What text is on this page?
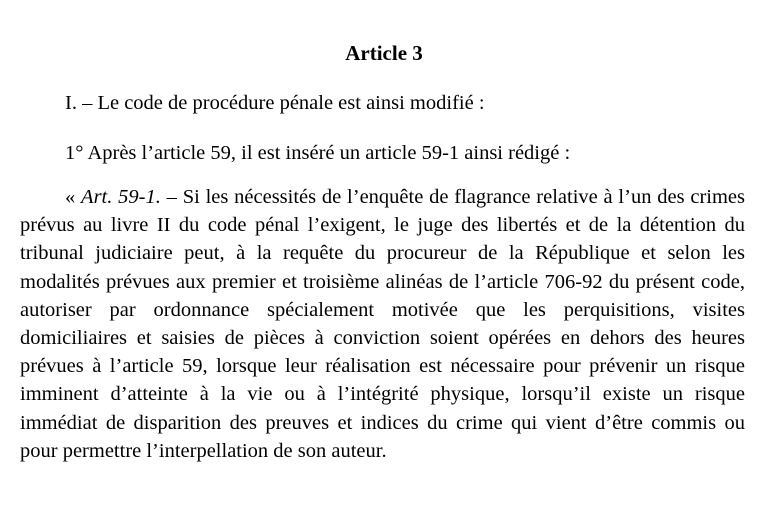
Article 3

I. – Le code de procédure pénale est ainsi modifié :

1° Après l’article 59, il est inséré un article 59-1 ainsi rédigé :

« Art. 59-1. – Si les nécessités de l’enquête de flagrance relative à l’un des crimes prévus au livre II du code pénal l’exigent, le juge des libertés et de la détention du tribunal judiciaire peut, à la requête du procureur de la République et selon les modalités prévues aux premier et troisième alinéas de l’article 706-92 du présent code, autoriser par ordonnance spécialement motivée que les perquisitions, visites domiciliaires et saisies de pièces à conviction soient opérées en dehors des heures prévues à l’article 59, lorsque leur réalisation est nécessaire pour prévenir un risque imminent d’atteinte à la vie ou à l’intégrité physique, lorsqu’il existe un risque immédiat de disparition des preuves et indices du crime qui vient d’être commis ou pour permettre l’interpellation de son auteur.
